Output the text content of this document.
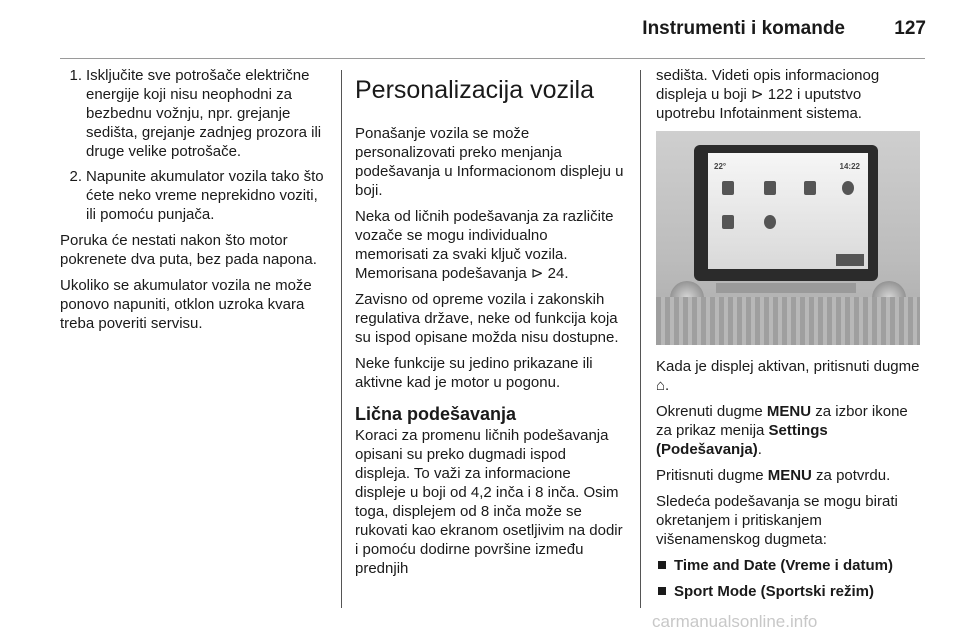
Instrumenti i komande	127
1. Isključite sve potrošače električne energije koji nisu neophodni za bezbednu vožnju, npr. grejanje sedišta, grejanje zadnjeg prozora ili druge velike potrošače.
2. Napunite akumulator vozila tako što ćete neko vreme neprekidno voziti, ili pomoću punjača.

Poruka će nestati nakon što motor pokrenete dva puta, bez pada napona.

Ukoliko se akumulator vozila ne može ponovo napuniti, otklon uzroka kvara treba poveriti servisu.

Personalizacija vozila

Ponašanje vozila se može personalizovati preko menjanja podešavanja u Informacionom displeju u boji.

Neka od ličnih podešavanja za različite vozače se mogu individualno memorisati za svaki ključ vozila. Memorisana podešavanja ⊳ 24.

Zavisno od opreme vozila i zakonskih regulativa države, neke od funkcija koja su ispod opisane možda nisu dostupne.

Neke funkcije su jedino prikazane ili aktivne kad je motor u pogonu.

Lična podešavanja

Koraci za promenu ličnih podešavanja opisani su preko dugmadi ispod displeja. To važi za informacione displeje u boji od 4,2 inča i 8 inča. Osim toga, displejem od 8 inča može se rukovati kao ekranom osetljivim na dodir i pomoću dodirne površine između prednjih

sedišta. Videti opis informacionog displeja u boji ⊳ 122 i uputstvo upotrebu Infotainment sistema.

22°	14:22

Kada je displej aktivan, pritisnuti dugme ⌂.

Okrenuti dugme MENU za izbor ikone za prikaz menija Settings (Podešavanja).

Pritisnuti dugme MENU za potvrdu.

Sledeća podešavanja se mogu birati okretanjem i pritiskanjem višenamenskog dugmeta:

Time and Date (Vreme i datum)
Sport Mode (Sportski režim)
carmanualsonline.info
